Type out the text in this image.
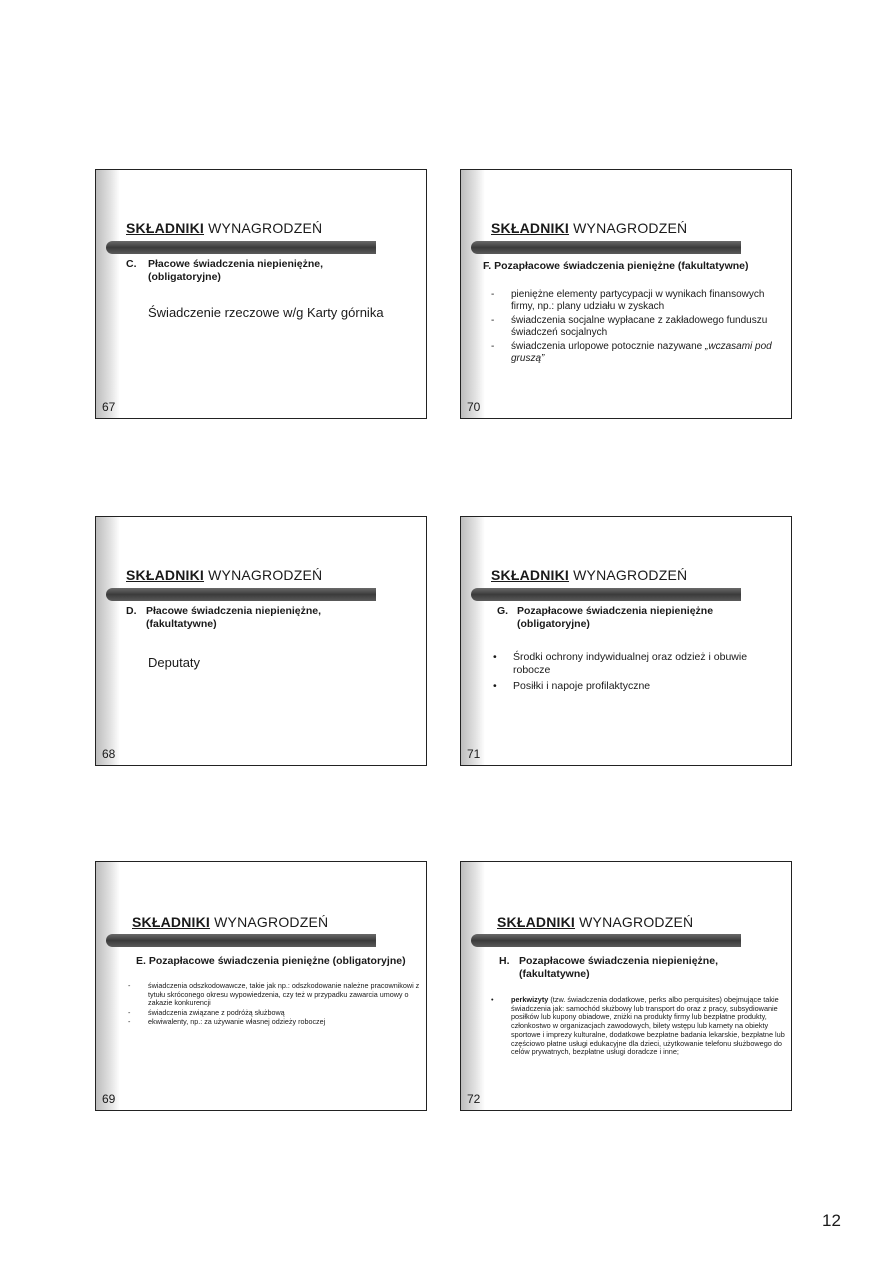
SKŁADNIKI WYNAGRODZEŃ
C. Płacowe świadczenia niepieniężne,
(obligatoryjne)
Świadczenie rzeczowe w/g Karty górnika
67
SKŁADNIKI WYNAGRODZEŃ
F. Pozapłacowe świadczenia pieniężne (fakultatywne)
- pieniężne elementy partycypacji w wynikach finansowych firmy, np.: plany udziału w zyskach
- świadczenia socjalne wypłacane z zakładowego funduszu świadczeń socjalnych
- świadczenia urlopowe potocznie nazywane „wczasami pod gruszą”
70
SKŁADNIKI WYNAGRODZEŃ
D. Płacowe świadczenia niepieniężne,
(fakultatywne)
Deputaty
68
SKŁADNIKI WYNAGRODZEŃ
G. Pozapłacowe świadczenia niepieniężne
(obligatoryjne)
• Środki ochrony indywidualnej oraz odzież i obuwie robocze
• Posiłki i napoje profilaktyczne
71
SKŁADNIKI WYNAGRODZEŃ
E. Pozapłacowe świadczenia pieniężne (obligatoryjne)
- świadczenia odszkodowawcze, takie jak np.: odszkodowanie należne pracownikowi z tytułu skróconego okresu wypowiedzenia, czy też w przypadku zawarcia umowy o zakazie konkurencji
- świadczenia związane z podróżą służbową
- ekwiwalenty, np.: za używanie własnej odzieży roboczej
69
SKŁADNIKI WYNAGRODZEŃ
H. Pozapłacowe świadczenia niepieniężne,
(fakultatywne)
• perkwizyty (tzw. świadczenia dodatkowe, perks albo perquisites) obejmujące takie świadczenia jak: samochód służbowy lub transport do oraz z pracy, subsydiowanie posiłków lub kupony obiadowe, zniżki na produkty firmy lub bezpłatne produkty, członkostwo w organizacjach zawodowych, bilety wstępu lub karnety na obiekty sportowe i imprezy kulturalne, dodatkowe bezpłatne badania lekarskie, bezpłatne lub częściowo płatne usługi edukacyjne dla dzieci, użytkowanie telefonu służbowego do celów prywatnych, bezpłatne usługi doradcze i inne;
72
12
